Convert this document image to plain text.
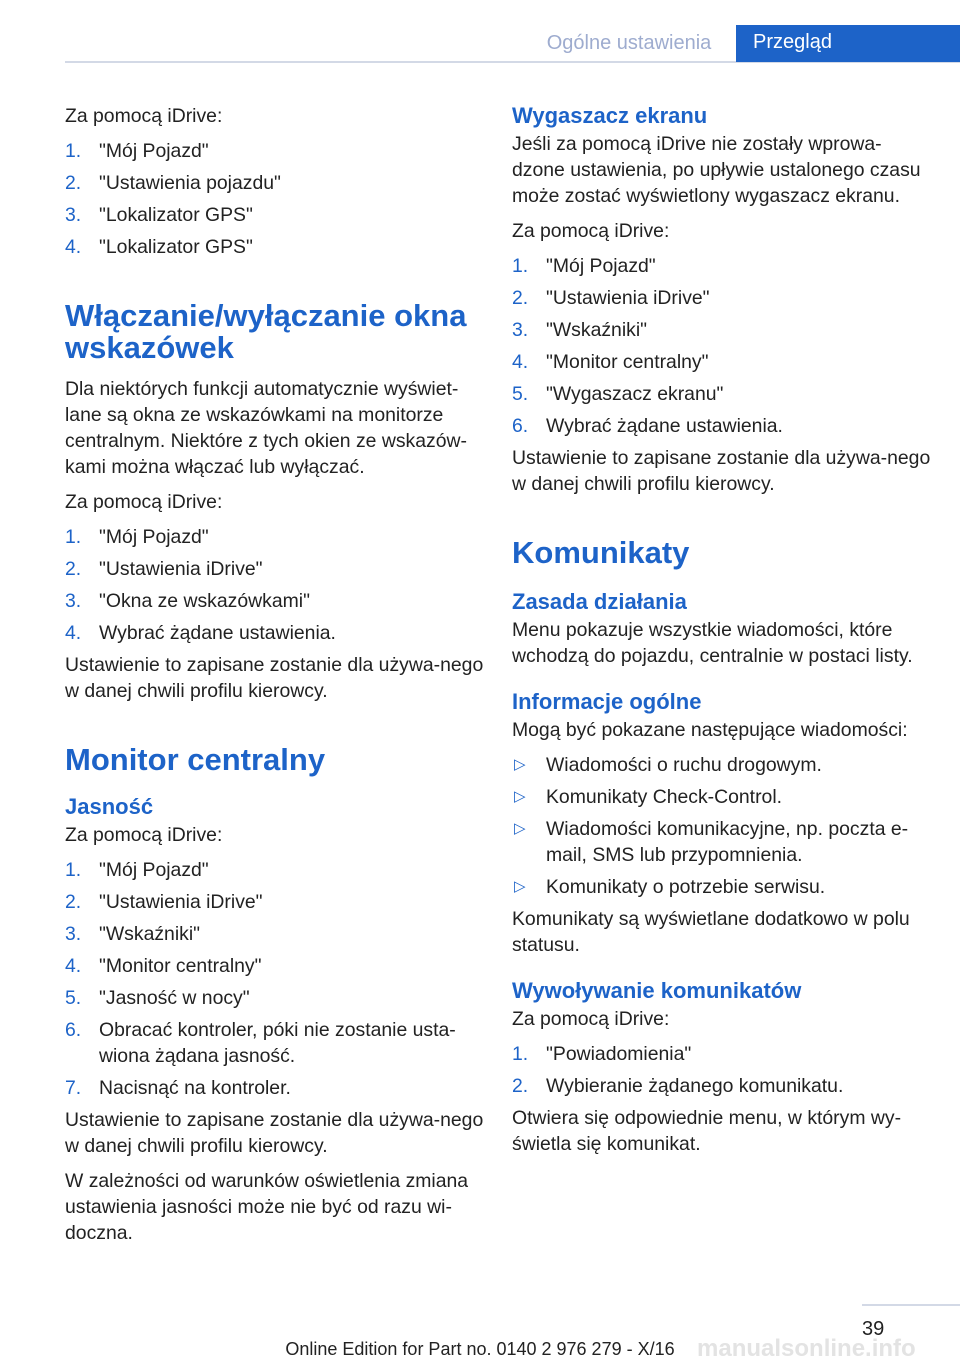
Ogólne ustawienia	Przegląd

Za pomocą iDrive:

1. "Mój Pojazd"
2. "Ustawienia pojazdu"
3. "Lokalizator GPS"
4. "Lokalizator GPS"
Włączanie/wyłączanie okna wskazówek

Dla niektórych funkcji automatycznie wyświet-lane są okna ze wskazówkami na monitorze centralnym. Niektóre z tych okien ze wskazów-kami można włączać lub wyłączać.

Za pomocą iDrive:

1. "Mój Pojazd"
2. "Ustawienia iDrive"
3. "Okna ze wskazówkami"
4. Wybrać żądane ustawienia.

Ustawienie to zapisane zostanie dla używa-nego w danej chwili profilu kierowcy.

Monitor centralny
Jasność

Za pomocą iDrive:

1. "Mój Pojazd"
2. "Ustawienia iDrive"
3. "Wskaźniki"
4. "Monitor centralny"
5. "Jasność w nocy"
6. Obracać kontroler, póki nie zostanie usta-wiona żądana jasność.
7. Nacisnąć na kontroler.

Ustawienie to zapisane zostanie dla używa-nego w danej chwili profilu kierowcy.

W zależności od warunków oświetlenia zmiana ustawienia jasności może nie być od razu wi-doczna.

Wygaszacz ekranu

Jeśli za pomocą iDrive nie zostały wprowa-dzone ustawienia, po upływie ustalonego czasu może zostać wyświetlony wygaszacz ekranu.

Za pomocą iDrive:

1. "Mój Pojazd"
2. "Ustawienia iDrive"
3. "Wskaźniki"
4. "Monitor centralny"
5. "Wygaszacz ekranu"
6. Wybrać żądane ustawienia.

Ustawienie to zapisane zostanie dla używa-nego w danej chwili profilu kierowcy.

Komunikaty
Zasada działania

Menu pokazuje wszystkie wiadomości, które wchodzą do pojazdu, centralnie w postaci listy.

Informacje ogólne

Mogą być pokazane następujące wiadomości:

▷ Wiadomości o ruchu drogowym.
▷ Komunikaty Check-Control.
▷ Wiadomości komunikacyjne, np. poczta e-mail, SMS lub przypomnienia.
▷ Komunikaty o potrzebie serwisu.

Komunikaty są wyświetlane dodatkowo w polu statusu.

Wywoływanie komunikatów

Za pomocą iDrive:

1. "Powiadomienia"
2. Wybieranie żądanego komunikatu.

Otwiera się odpowiednie menu, w którym wy-świetla się komunikat.

39
Online Edition for Part no. 0140 2 976 279 - X/16 manualsonline.info
